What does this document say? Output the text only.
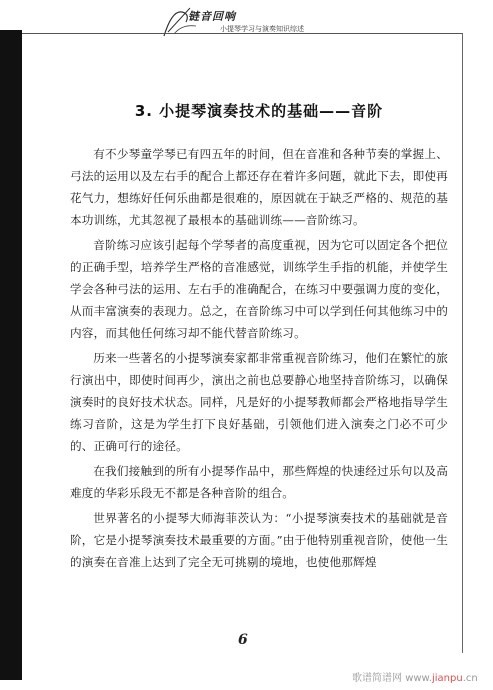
链音回响
小提琴学习与演奏知识综述
3. 小提琴演奏技术的基础——音阶

有不少琴童学琴已有四五年的时间，但在音准和各种节奏的掌握上、弓法的运用以及左右手的配合上都还存在着许多问题，就此下去，即使再花气力，想练好任何乐曲都是很难的，原因就在于缺乏严格的、规范的基本功训练，尤其忽视了最根本的基础训练——音阶练习。

音阶练习应该引起每个学琴者的高度重视，因为它可以固定各个把位的正确手型，培养学生严格的音准感觉，训练学生手指的机能，并使学生学会各种弓法的运用、左右手的准确配合，在练习中要强调力度的变化，从而丰富演奏的表现力。总之，在音阶练习中可以学到任何其他练习中的内容，而其他任何练习却不能代替音阶练习。

历来一些著名的小提琴演奏家都非常重视音阶练习，他们在繁忙的旅行演出中，即使时间再少，演出之前也总要静心地坚持音阶练习，以确保演奏时的良好技术状态。同样，凡是好的小提琴教师都会严格地指导学生练习音阶，这是为学生打下良好基础，引领他们进入演奏之门必不可少的、正确可行的途径。

在我们接触到的所有小提琴作品中，那些辉煌的快速经过乐句以及高难度的华彩乐段无不都是各种音阶的组合。

世界著名的小提琴大师海菲茨认为：“小提琴演奏技术的基础就是音阶，它是小提琴演奏技术最重要的方面。”由于他特别重视音阶，使他一生的演奏在音准上达到了完全无可挑剔的境地，也使他那辉煌

6
歌谱简谱网 www.jianpu.cn
